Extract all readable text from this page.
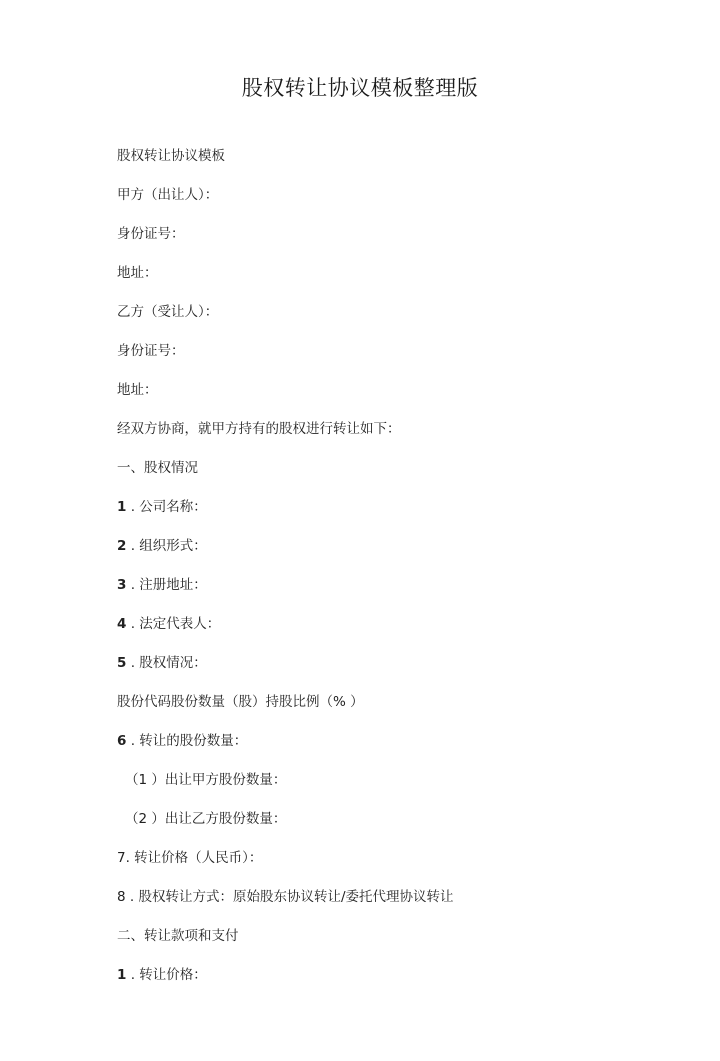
股权转让协议模板整理版
股权转让协议模板
甲方（出让人）：
身份证号：
地址：
乙方（受让人）：
身份证号：
地址：
经双方协商，就甲方持有的股权进行转让如下：
一、股权情况
1 . 公司名称：
2 . 组织形式：
3 . 注册地址：
4 . 法定代表人：
5 . 股权情况：
股份代码股份数量（股）持股比例（% ）
6 . 转让的股份数量：
（1 ）出让甲方股份数量：
（2 ）出让乙方股份数量：
7. 转让价格（人民币）：
8 . 股权转让方式：原始股东协议转让/委托代理协议转让
二、转让款项和支付
1 . 转让价格：
